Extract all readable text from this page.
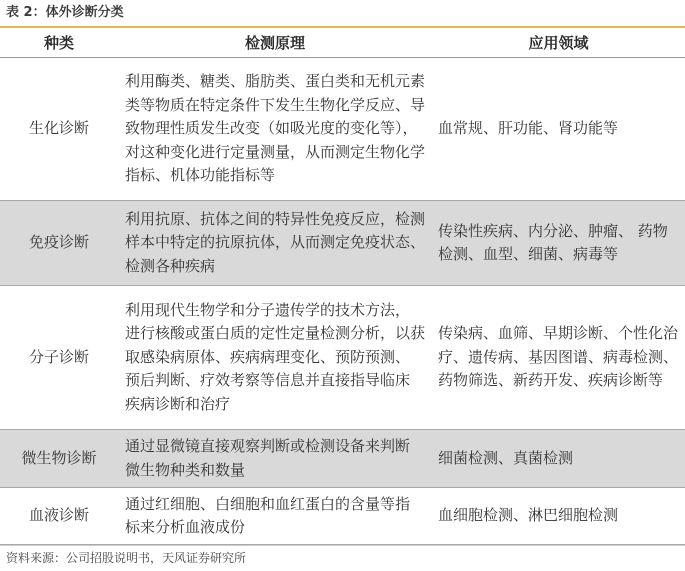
表 2：体外诊断分类
种类	检测原理	应用领域
生化诊断	利用酶类、糖类、脂肪类、蛋白类和无机元素类等物质在特定条件下发生生物化学反应、导致物理性质发生改变（如吸光度的变化等），对这种变化进行定量测量，从而测定生物化学指标、机体功能指标等	血常规、肝功能、肾功能等
免疫诊断	利用抗原、抗体之间的特异性免疫反应，检测样本中特定的抗原抗体，从而测定免疫状态、检测各种疾病	传染性疾病、内分泌、肿瘤、 药物检测、血型、细菌、病毒等
分子诊断	利用现代生物学和分子遗传学的技术方法， 进行核酸或蛋白质的定性定量检测分析，以获取感染病原体、疾病病理变化、预防预测、 预后判断、疗效考察等信息并直接指导临床 疾病诊断和治疗	传染病、血筛、早期诊断、个性化治疗、遗传病、基因图谱、病毒检测、药物筛选、新药开发、疾病诊断等
微生物诊断	通过显微镜直接观察判断或检测设备来判断 微生物种类和数量	细菌检测、真菌检测
血液诊断	通过红细胞、白细胞和血红蛋白的含量等指 标来分析血液成份	血细胞检测、淋巴细胞检测
资料来源：公司招股说明书，天风证券研究所
